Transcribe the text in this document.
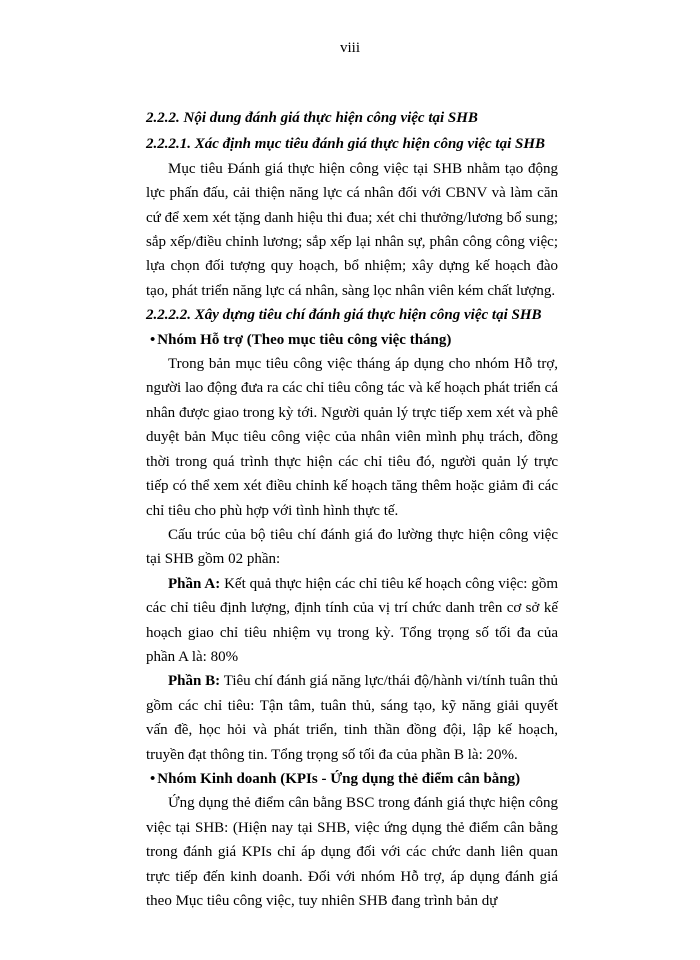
viii

2.2.2. Nội dung đánh giá thực hiện công việc tại SHB

2.2.2.1. Xác định mục tiêu đánh giá thực hiện công việc tại SHB

Mục tiêu Đánh giá thực hiện công việc tại SHB nhằm tạo động lực phấn đấu, cải thiện năng lực cá nhân đối với CBNV và làm căn cứ để xem xét tặng danh hiệu thi đua; xét chi thưởng/lương bổ sung; sắp xếp/điều chỉnh lương; sắp xếp lại nhân sự, phân công công việc; lựa chọn đối tượng quy hoạch, bổ nhiệm; xây dựng kế hoạch đào tạo, phát triển năng lực cá nhân, sàng lọc nhân viên kém chất lượng.

2.2.2.2. Xây dựng tiêu chí đánh giá thực hiện công việc tại SHB

• Nhóm Hỗ trợ (Theo mục tiêu công việc tháng)

Trong bản mục tiêu công việc tháng áp dụng cho nhóm Hỗ trợ, người lao động đưa ra các chỉ tiêu công tác và kế hoạch phát triển cá nhân được giao trong kỳ tới. Người quản lý trực tiếp xem xét và phê duyệt bản Mục tiêu công việc của nhân viên mình phụ trách, đồng thời trong quá trình thực hiện các chỉ tiêu đó, người quản lý trực tiếp có thể xem xét điều chỉnh kế hoạch tăng thêm hoặc giảm đi các chỉ tiêu cho phù hợp với tình hình thực tế.

Cấu trúc của bộ tiêu chí đánh giá đo lường thực hiện công việc tại SHB gồm 02 phần:

Phần A: Kết quả thực hiện các chỉ tiêu kế hoạch công việc: gồm các chỉ tiêu định lượng, định tính của vị trí chức danh trên cơ sở kế hoạch giao chỉ tiêu nhiệm vụ trong kỳ. Tổng trọng số tối đa của phần A là: 80%

Phần B: Tiêu chí đánh giá năng lực/thái độ/hành vi/tính tuân thủ gồm các chỉ tiêu: Tận tâm, tuân thủ, sáng tạo, kỹ năng giải quyết vấn đề, học hỏi và phát triển, tinh thần đồng đội, lập kế hoạch, truyền đạt thông tin. Tổng trọng số tối đa của phần B là: 20%.

• Nhóm Kinh doanh (KPIs - Ứng dụng thẻ điểm cân bằng)

Ứng dụng thẻ điểm cân bằng BSC trong đánh giá thực hiện công việc tại SHB: (Hiện nay tại SHB, việc ứng dụng thẻ điểm cân bằng trong đánh giá KPIs chỉ áp dụng đối với các chức danh liên quan trực tiếp đến kinh doanh. Đối với nhóm Hỗ trợ, áp dụng đánh giá theo Mục tiêu công việc, tuy nhiên SHB đang trình bản dự
